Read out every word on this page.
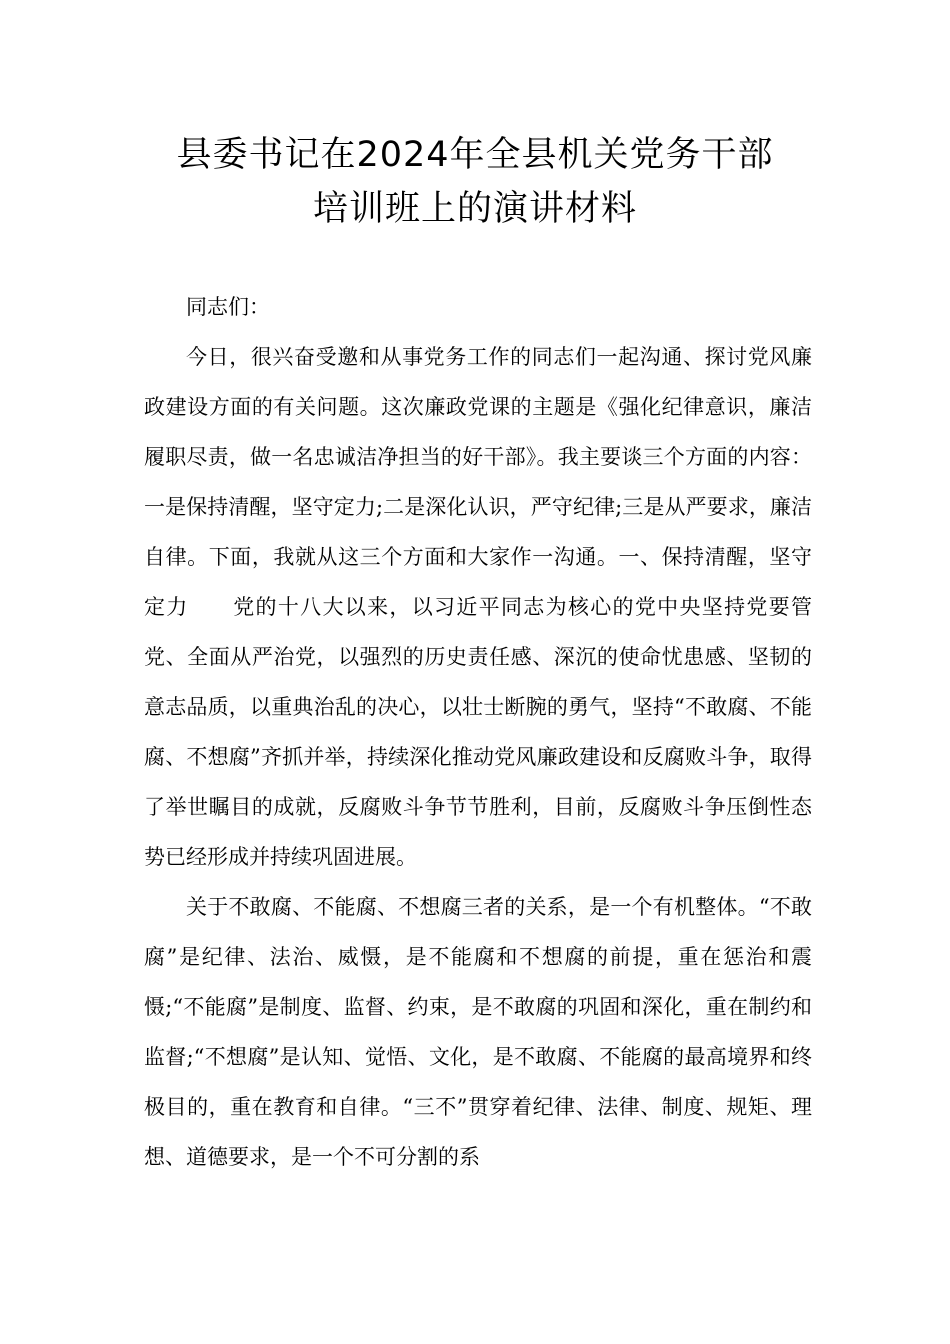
县委书记在2024年全县机关党务干部
培训班上的演讲材料

同志们：

今日，很兴奋受邀和从事党务工作的同志们一起沟通、探讨党风廉政建设方面的有关问题。这次廉政党课的主题是《强化纪律意识，廉洁履职尽责，做一名忠诚洁净担当的好干部》。我主要谈三个方面的内容：一是保持清醒，坚守定力;二是深化认识，严守纪律;三是从严要求，廉洁自律。下面，我就从这三个方面和大家作一沟通。一、保持清醒，坚守定力　　党的十八大以来，以习近平同志为核心的党中央坚持党要管党、全面从严治党，以强烈的历史责任感、深沉的使命忧患感、坚韧的意志品质，以重典治乱的决心，以壮士断腕的勇气，坚持“不敢腐、不能腐、不想腐”齐抓并举，持续深化推动党风廉政建设和反腐败斗争，取得了举世瞩目的成就，反腐败斗争节节胜利，目前，反腐败斗争压倒性态势已经形成并持续巩固进展。

关于不敢腐、不能腐、不想腐三者的关系，是一个有机整体。“不敢腐”是纪律、法治、威慑，是不能腐和不想腐的前提，重在惩治和震慑;“不能腐”是制度、监督、约束，是不敢腐的巩固和深化，重在制约和监督;“不想腐”是认知、觉悟、文化，是不敢腐、不能腐的最高境界和终极目的，重在教育和自律。“三不”贯穿着纪律、法律、制度、规矩、理想、道德要求，是一个不可分割的系
